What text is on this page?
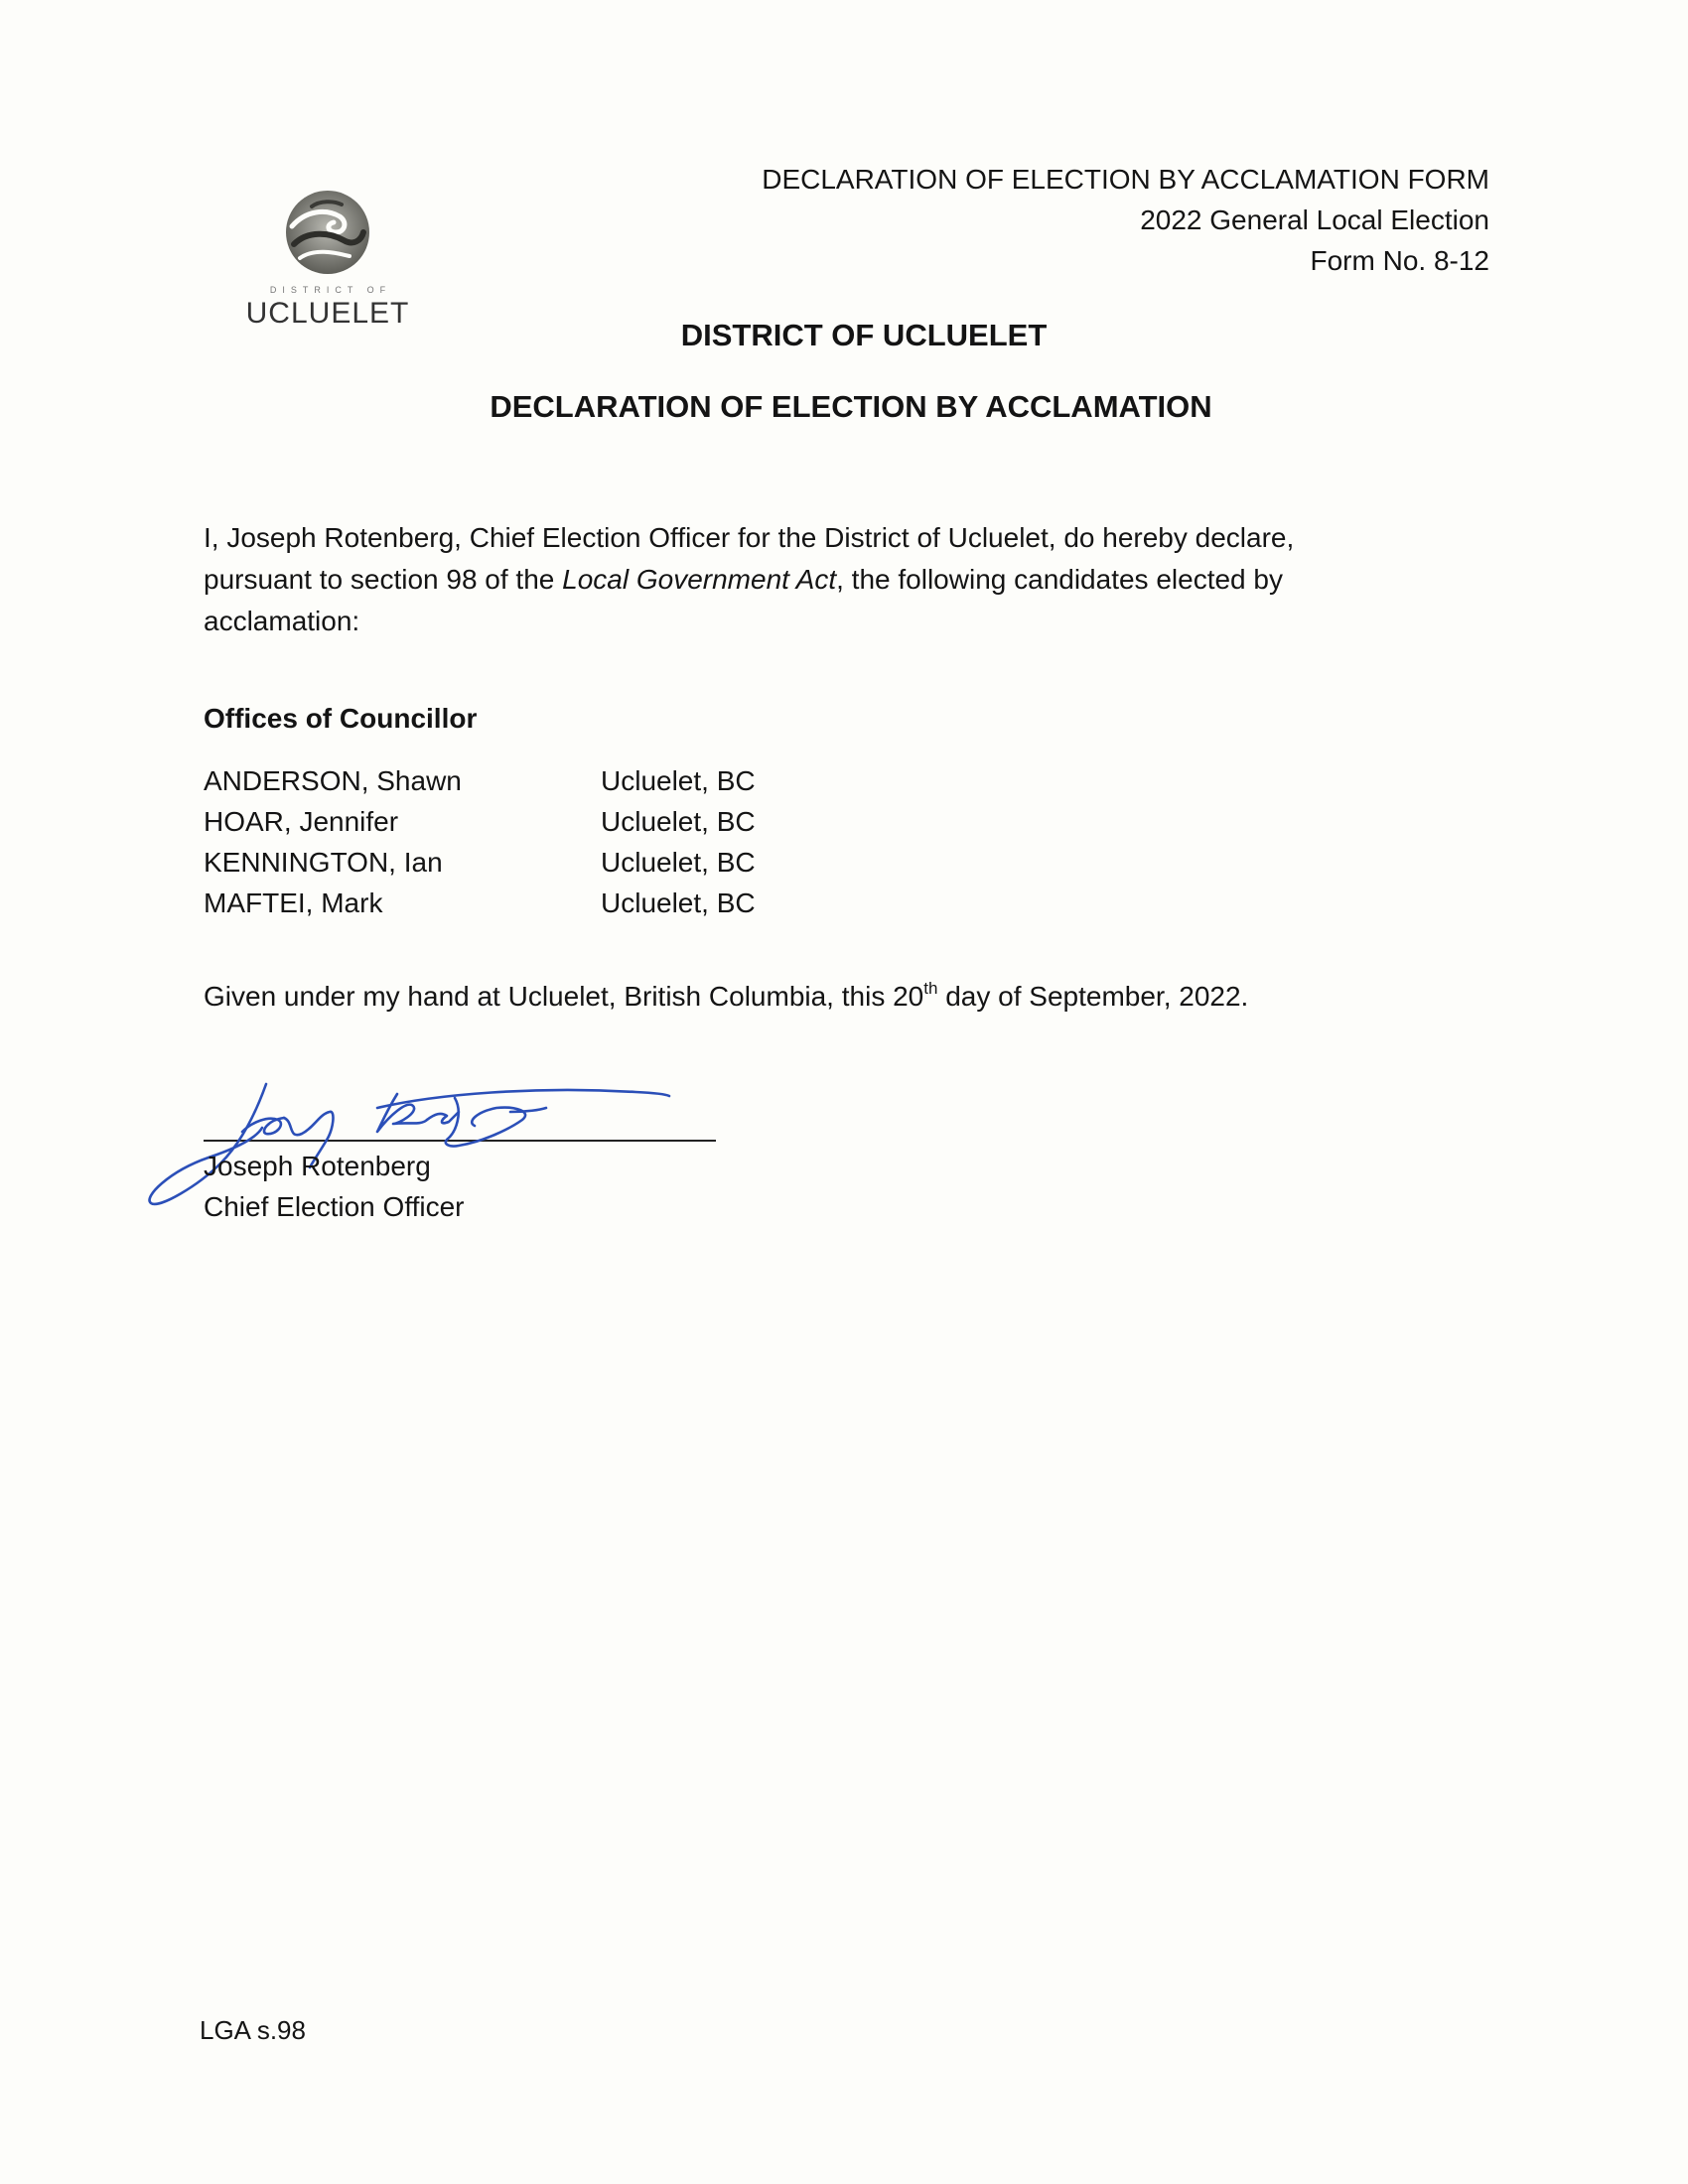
DISTRICT OF
UCLUELET
DECLARATION OF ELECTION BY ACCLAMATION FORM
2022 General Local Election
Form No. 8-12
DISTRICT OF UCLUELET
DECLARATION OF ELECTION BY ACCLAMATION
I, Joseph Rotenberg, Chief Election Officer for the District of Ucluelet, do hereby declare, pursuant to section 98 of the Local Government Act, the following candidates elected by acclamation:
Offices of Councillor
ANDERSON, Shawn	Ucluelet, BC
HOAR, Jennifer	Ucluelet, BC
KENNINGTON, Ian	Ucluelet, BC
MAFTEI, Mark	Ucluelet, BC
Given under my hand at Ucluelet, British Columbia, this 20th day of September, 2022.
Joseph Rotenberg
Chief Election Officer
LGA s.98
